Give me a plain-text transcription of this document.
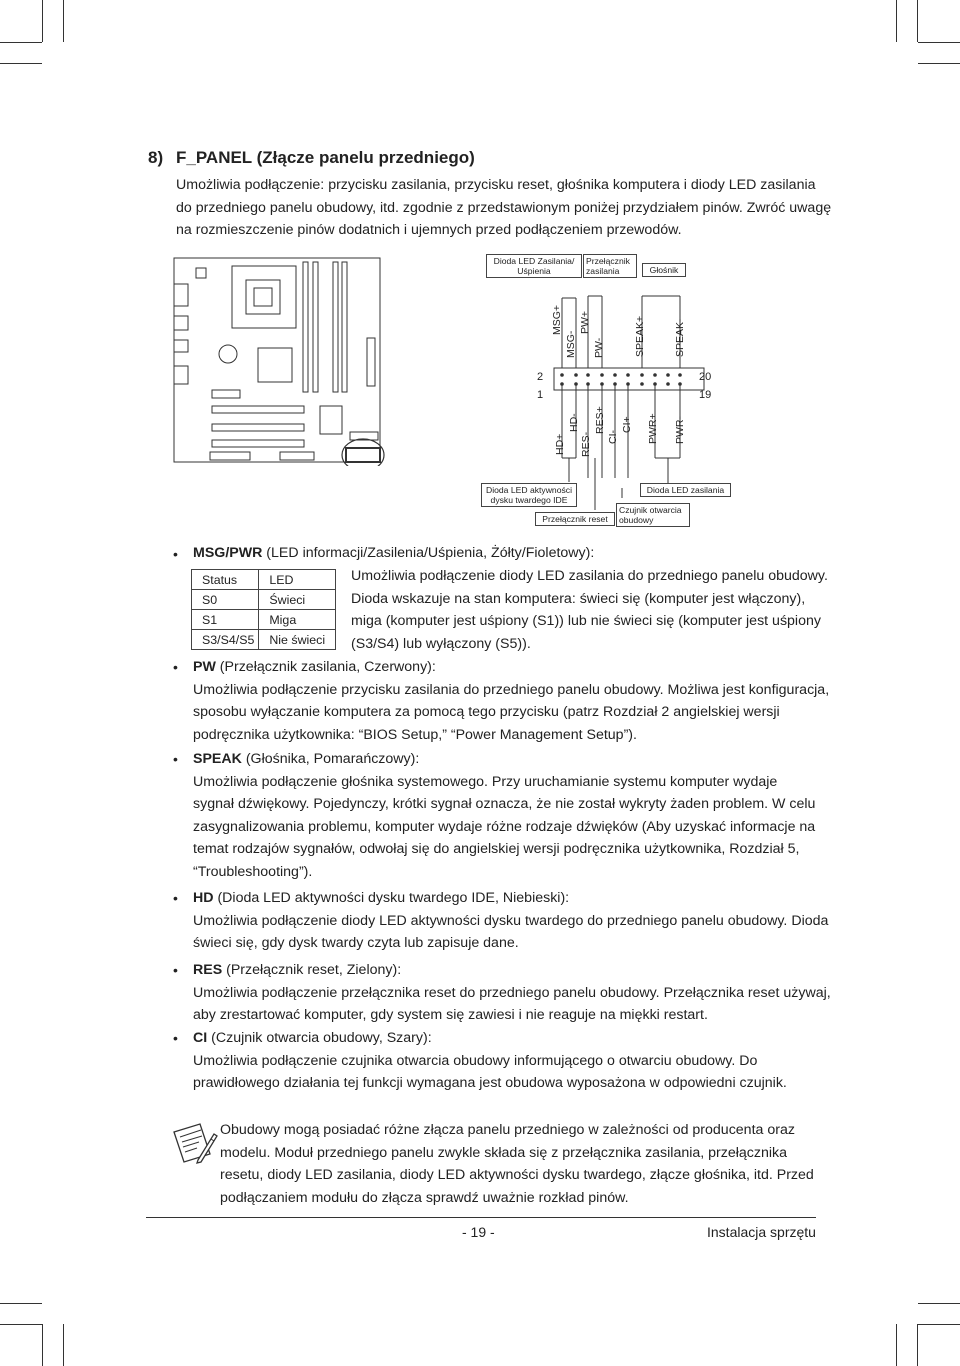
8) F_PANEL (Złącze panelu przedniego)
Umożliwia podłączenie: przycisku zasilania, przycisku reset, głośnika komputera i diody LED zasilania
do przedniego panelu obudowy, itd. zgodnie z przedstawionym poniżej przydziałem pinów. Zwróć uwagę
na rozmieszczenie pinów dodatnich i ujemnych przed podłączeniem przewodów.
Dioda LED Zasilania/
Uśpienia
Przełącznik
zasilania	Głośnik
MSG+
MSG-
PW+
PW-	SPEAK+	SPEAK-
HD+
HD-
RES-
RES+
CI-
CI+ PWR+ PWR-
2
1
20
19
Dioda LED aktywności
dysku twardego IDE
Przełącznik reset
Dioda LED zasilania
Czujnik otwarcia
obudowy
• MSG/PWR (LED informacji/Zasilenia/Uśpienia, Żółty/Fioletowy):
Status	LED
S0	Świeci
S1	Miga
S3/S4/S5	Nie świeci
Umożliwia podłączenie diody LED zasilania do przedniego panelu obudowy.
Dioda wskazuje na stan komputera: świeci się (komputer jest włączony),
miga (komputer jest uśpiony (S1)) lub nie świeci się (komputer jest uśpiony
(S3/S4) lub wyłączony (S5)).
• PW (Przełącznik zasilania, Czerwony):
Umożliwia podłączenie przycisku zasilania do przedniego panelu obudowy. Możliwa jest konfiguracja,
sposobu wyłączanie komputera za pomocą tego przycisku (patrz Rozdział 2 angielskiej wersji
podręcznika użytkownika: “BIOS Setup,” “Power Management Setup”).
• SPEAK (Głośnika, Pomarańczowy):
Umożliwia podłączenie głośnika systemowego. Przy uruchamianie systemu komputer wydaje
sygnał dźwiękowy. Pojedynczy, krótki sygnał oznacza, że nie został wykryty żaden problem. W celu
zasygnalizowania problemu, komputer wydaje różne rodzaje dźwięków (Aby uzyskać informacje na
temat rodzajów sygnałów, odwołaj się do angielskiej wersji podręcznika użytkownika, Rozdział 5,
“Troubleshooting”).
• HD (Dioda LED aktywności dysku twardego IDE, Niebieski):
Umożliwia podłączenie diody LED aktywności dysku twardego do przedniego panelu obudowy. Dioda
świeci się, gdy dysk twardy czyta lub zapisuje dane.
• RES (Przełącznik reset, Zielony):
Umożliwia podłączenie przełącznika reset do przedniego panelu obudowy. Przełącznika reset używaj,
aby zrestartować komputer, gdy system się zawiesi i nie reaguje na miękki restart.
• CI (Czujnik otwarcia obudowy, Szary):
Umożliwia podłączenie czujnika otwarcia obudowy informującego o otwarciu obudowy. Do
prawidłowego działania tej funkcji wymagana jest obudowa wyposażona w odpowiedni czujnik.
Obudowy mogą posiadać różne złącza panelu przedniego w zależności od producenta oraz
modelu. Moduł przedniego panelu zwykle składa się z przełącznika zasilania, przełącznika
resetu, diody LED zasilania, diody LED aktywności dysku twardego, złącze głośnika, itd. Przed
podłączaniem modułu do złącza sprawdź uważnie rozkład pinów.
- 19 -	Instalacja sprzętu
